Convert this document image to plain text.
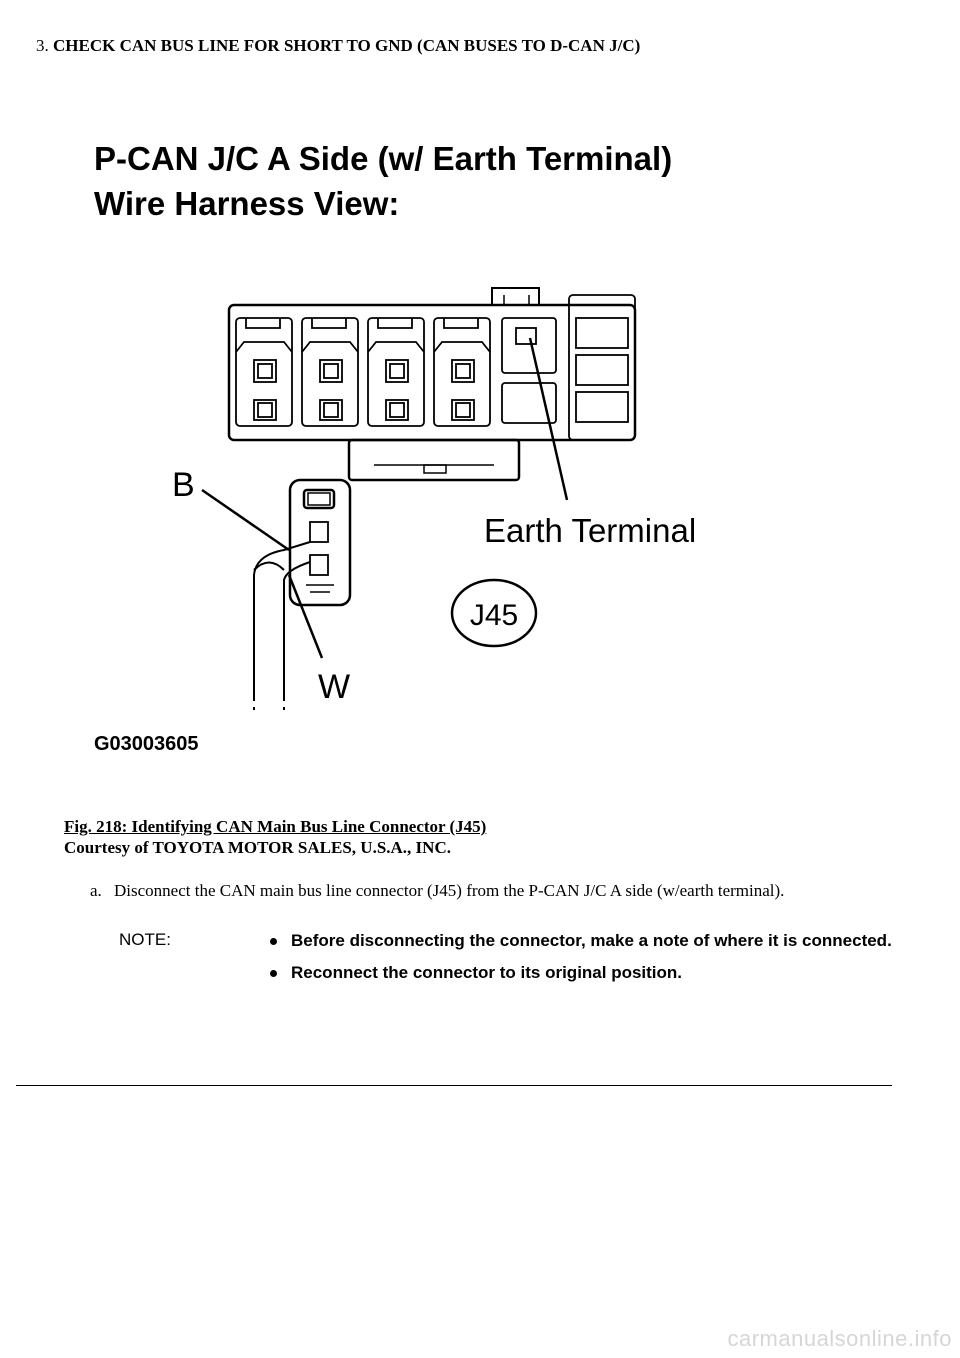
3. CHECK CAN BUS LINE FOR SHORT TO GND (CAN BUSES TO D-CAN J/C)
P-CAN J/C A Side (w/ Earth Terminal)
Wire Harness View:
B
W
Earth Terminal
J45
G03003605
Fig. 218: Identifying CAN Main Bus Line Connector (J45)
Courtesy of TOYOTA MOTOR SALES, U.S.A., INC.
a. Disconnect the CAN main bus line connector (J45) from the P-CAN J/C A side (w/earth terminal).
NOTE:	Before disconnecting the connector, make a note of where it is connected.
Reconnect the connector to its original position.
carmanualsonline.info
